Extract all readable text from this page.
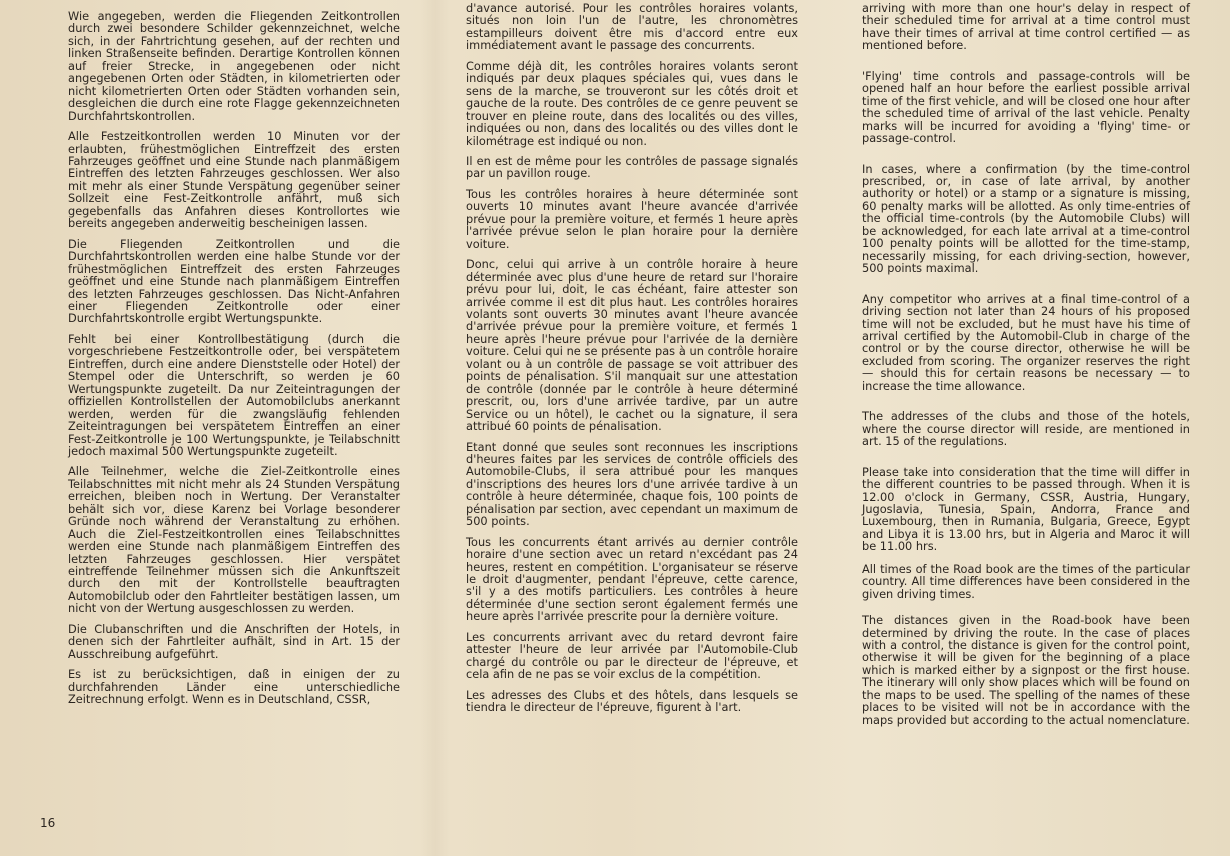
Wie angegeben, werden die Fliegenden Zeitkontrollen durch zwei besondere Schilder gekennzeichnet, welche sich, in der Fahrtrichtung gesehen, auf der rechten und linken Straßenseite befinden. Derartige Kontrollen können auf freier Strecke, in angegebenen oder nicht angegebenen Orten oder Städten, in kilometrierten oder nicht kilometrierten Orten oder Städten vorhanden sein, desgleichen die durch eine rote Flagge gekennzeichneten Durchfahrtskontrollen.

Alle Festzeitkontrollen werden 10 Minuten vor der erlaubten, frühestmöglichen Eintreffzeit des ersten Fahrzeuges geöffnet und eine Stunde nach planmäßigem Eintreffen des letzten Fahrzeuges geschlossen. Wer also mit mehr als einer Stunde Verspätung gegenüber seiner Sollzeit eine Fest-Zeitkontrolle anfährt, muß sich gegebenfalls das Anfahren dieses Kontrollortes wie bereits angegeben anderweitig bescheinigen lassen.

Die Fliegenden Zeitkontrollen und die Durchfahrtskontrollen werden eine halbe Stunde vor der frühestmöglichen Eintreffzeit des ersten Fahrzeuges geöffnet und eine Stunde nach planmäßigem Eintreffen des letzten Fahrzeuges geschlossen. Das Nicht-Anfahren einer Fliegenden Zeitkontrolle oder einer Durchfahrtskontrolle ergibt Wertungspunkte.

Fehlt bei einer Kontrollbestätigung (durch die vorgeschriebene Festzeitkontrolle oder, bei verspätetem Eintreffen, durch eine andere Dienststelle oder Hotel) der Stempel oder die Unterschrift, so werden je 60 Wertungspunkte zugeteilt. Da nur Zeiteintragungen der offiziellen Kontrollstellen der Automobilclubs anerkannt werden, werden für die zwangsläufig fehlenden Zeiteintragungen bei verspätetem Eintreffen an einer Fest-Zeitkontrolle je 100 Wertungspunkte, je Teilabschnitt jedoch maximal 500 Wertungspunkte zugeteilt.

Alle Teilnehmer, welche die Ziel-Zeitkontrolle eines Teilabschnittes mit nicht mehr als 24 Stunden Verspätung erreichen, bleiben noch in Wertung. Der Veranstalter behält sich vor, diese Karenz bei Vorlage besonderer Gründe noch während der Veranstaltung zu erhöhen. Auch die Ziel-Festzeitkontrollen eines Teilabschnittes werden eine Stunde nach planmäßigem Eintreffen des letzten Fahrzeuges geschlossen. Hier verspätet eintreffende Teilnehmer müssen sich die Ankunftszeit durch den mit der Kontrollstelle beauftragten Automobilclub oder den Fahrtleiter bestätigen lassen, um nicht von der Wertung ausgeschlossen zu werden.

Die Clubanschriften und die Anschriften der Hotels, in denen sich der Fahrtleiter aufhält, sind in Art. 15 der Ausschreibung aufgeführt.

Es ist zu berücksichtigen, daß in einigen der zu durchfahrenden Länder eine unterschiedliche Zeitrechnung erfolgt. Wenn es in Deutschland, CSSR,

d'avance autorisé. Pour les contrôles horaires volants, situés non loin l'un de l'autre, les chronomètres estampilleurs doivent être mis d'accord entre eux immédiatement avant le passage des concurrents.

Comme déjà dit, les contrôles horaires volants seront indiqués par deux plaques spéciales qui, vues dans le sens de la marche, se trouveront sur les côtés droit et gauche de la route. Des contrôles de ce genre peuvent se trouver en pleine route, dans des localités ou des villes, indiquées ou non, dans des localités ou des villes dont le kilométrage est indiqué ou non.

Il en est de même pour les contrôles de passage signalés par un pavillon rouge.

Tous les contrôles horaires à heure déterminée sont ouverts 10 minutes avant l'heure avancée d'arrivée prévue pour la première voiture, et fermés 1 heure après l'arrivée prévue selon le plan horaire pour la dernière voiture.

Donc, celui qui arrive à un contrôle horaire à heure déterminée avec plus d'une heure de retard sur l'horaire prévu pour lui, doit, le cas échéant, faire attester son arrivée comme il est dit plus haut. Les contrôles horaires volants sont ouverts 30 minutes avant l'heure avancée d'arrivée prévue pour la première voiture, et fermés 1 heure après l'heure prévue pour l'arrivée de la dernière voiture. Celui qui ne se présente pas à un contrôle horaire volant ou à un contrôle de passage se voit attribuer des points de pénalisation. S'il manquait sur une attestation de contrôle (donnée par le contrôle à heure déterminé prescrit, ou, lors d'une arrivée tardive, par un autre Service ou un hôtel), le cachet ou la signature, il sera attribué 60 points de pénalisation.

Etant donné que seules sont reconnues les inscriptions d'heures faites par les services de contrôle officiels des Automobile-Clubs, il sera attribué pour les manques d'inscriptions des heures lors d'une arrivée tardive à un contrôle à heure déterminée, chaque fois, 100 points de pénalisation par section, avec cependant un maximum de 500 points.

Tous les concurrents étant arrivés au dernier contrôle horaire d'une section avec un retard n'excédant pas 24 heures, restent en compétition. L'organisateur se réserve le droit d'augmenter, pendant l'épreuve, cette carence, s'il y a des motifs particuliers. Les contrôles à heure déterminée d'une section seront également fermés une heure après l'arrivée prescrite pour la dernière voiture.

Les concurrents arrivant avec du retard devront faire attester l'heure de leur arrivée par l'Automobile-Club chargé du contrôle ou par le directeur de l'épreuve, et cela afin de ne pas se voir exclus de la compétition.

Les adresses des Clubs et des hôtels, dans lesquels se tiendra le directeur de l'épreuve, figurent à l'art.

arriving with more than one hour's delay in respect of their scheduled time for arrival at a time control must have their times of arrival at time control certified — as mentioned before.

'Flying' time controls and passage-controls will be opened half an hour before the earliest possible arrival time of the first vehicle, and will be closed one hour after the scheduled time of arrival of the last vehicle. Penalty marks will be incurred for avoiding a 'flying' time- or passage-control.

In cases, where a confirmation (by the time-control prescribed, or, in case of late arrival, by another authority or hotel) or a stamp or a signature is missing, 60 penalty marks will be allotted. As only time-entries of the official time-controls (by the Automobile Clubs) will be acknowledged, for each late arrival at a time-control 100 penalty points will be allotted for the time-stamp, necessarily missing, for each driving-section, however, 500 points maximal.

Any competitor who arrives at a final time-control of a driving section not later than 24 hours of his proposed time will not be excluded, but he must have his time of arrival certified by the Automobil-Club in charge of the control or by the course director, otherwise he will be excluded from scoring. The organizer reserves the right — should this for certain reasons be necessary — to increase the time allowance.

The addresses of the clubs and those of the hotels, where the course director will reside, are mentioned in art. 15 of the regulations.

Please take into consideration that the time will differ in the different countries to be passed through. When it is 12.00 o'clock in Germany, CSSR, Austria, Hungary, Jugoslavia, Tunesia, Spain, Andorra, France and Luxembourg, then in Rumania, Bulgaria, Greece, Egypt and Libya it is 13.00 hrs, but in Algeria and Maroc it will be 11.00 hrs.

All times of the Road book are the times of the particular country. All time differences have been considered in the given driving times.

The distances given in the Road-book have been determined by driving the route. In the case of places with a control, the distance is given for the control point, otherwise it will be given for the beginning of a place which is marked either by a signpost or the first house. The itinerary will only show places which will be found on the maps to be used. The spelling of the names of these places to be visited will not be in accordance with the maps provided but according to the actual nomenclature.

16
